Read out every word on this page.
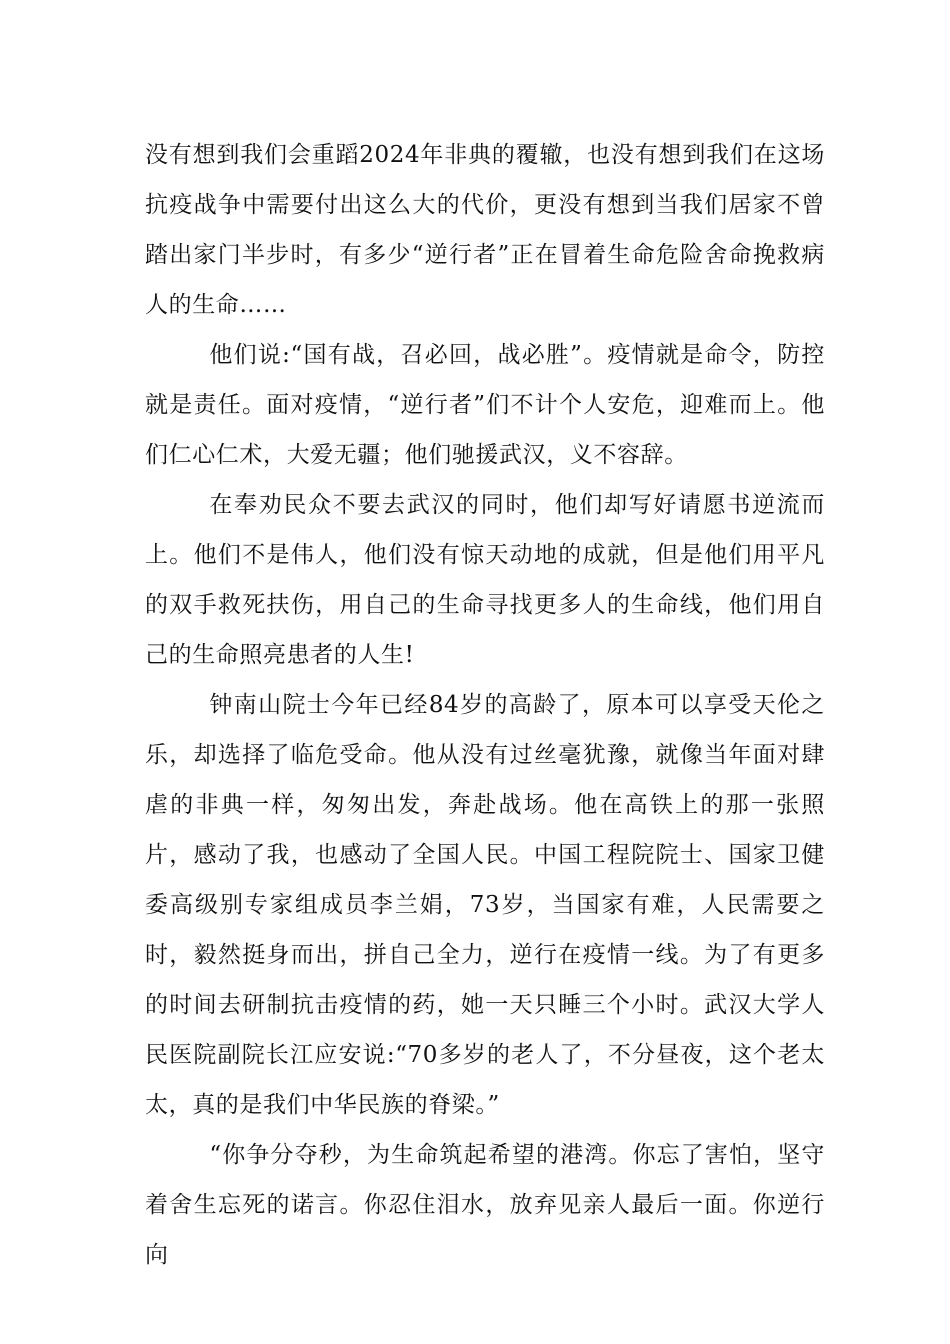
没有想到我们会重蹈2024年非典的覆辙，也没有想到我们在这场抗疫战争中需要付出这么大的代价，更没有想到当我们居家不曾踏出家门半步时，有多少“逆行者”正在冒着生命危险舍命挽救病人的生命……

他们说:“国有战，召必回，战必胜”。疫情就是命令，防控就是责任。面对疫情，“逆行者”们不计个人安危，迎难而上。他们仁心仁术，大爱无疆；他们驰援武汉，义不容辞。

在奉劝民众不要去武汉的同时，他们却写好请愿书逆流而上。他们不是伟人，他们没有惊天动地的成就，但是他们用平凡的双手救死扶伤，用自己的生命寻找更多人的生命线，他们用自己的生命照亮患者的人生!

钟南山院士今年已经84岁的高龄了，原本可以享受天伦之乐，却选择了临危受命。他从没有过丝毫犹豫，就像当年面对肆虐的非典一样，匆匆出发，奔赴战场。他在高铁上的那一张照片，感动了我，也感动了全国人民。中国工程院院士、国家卫健委高级别专家组成员李兰娟，73岁，当国家有难，人民需要之时，毅然挺身而出，拼自己全力，逆行在疫情一线。为了有更多的时间去研制抗击疫情的药，她一天只睡三个小时。武汉大学人民医院副院长江应安说:“70多岁的老人了，不分昼夜，这个老太太，真的是我们中华民族的脊梁。”

“你争分夺秒，为生命筑起希望的港湾。你忘了害怕，坚守着舍生忘死的诺言。你忍住泪水，放弃见亲人最后一面。你逆行向
